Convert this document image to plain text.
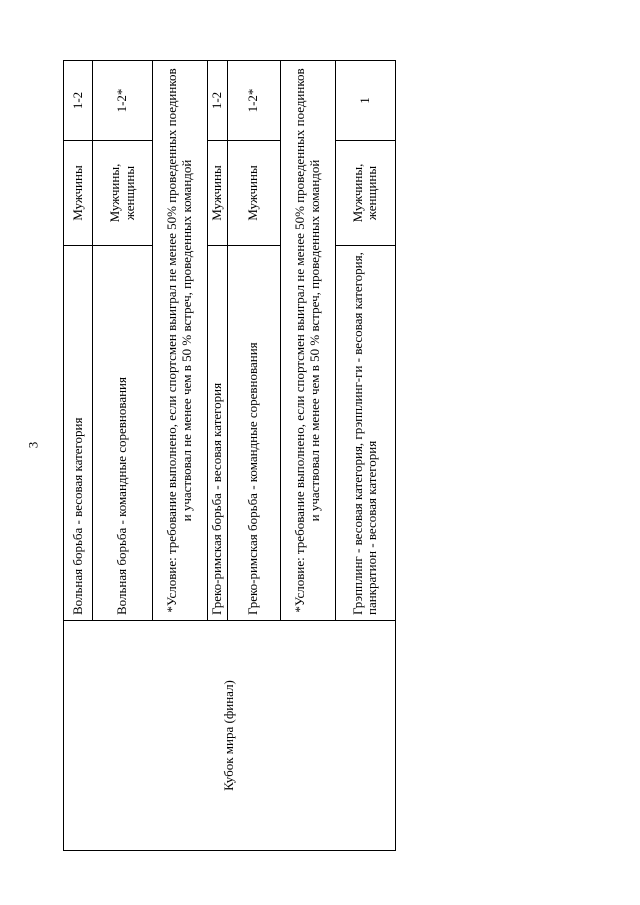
3
Кубок мира (финал)	Вольная борьба - весовая категория	Мужчины	1-2
	Вольная борьба - командные соревнования	Мужчины, женщины	1-2*
	*Условие: требование выполнено, если спортсмен выиграл не менее 50% проведенных поединков и участвовал не менее чем в 50 % встреч, проведенных командой		
	Греко-римская борьба - весовая категория	Мужчины	1-2
	Греко-римская борьба - командные соревнования	Мужчины	1-2*
	*Условие: требование выполнено, если спортсмен выиграл не менее 50% проведенных поединков и участвовал не менее чем в 50 % встреч, проведенных командой		
	Грэпплинг - весовая категория, грэпплинг-ги - весовая категория, панкратион - весовая категория	Мужчины, женщины	1
